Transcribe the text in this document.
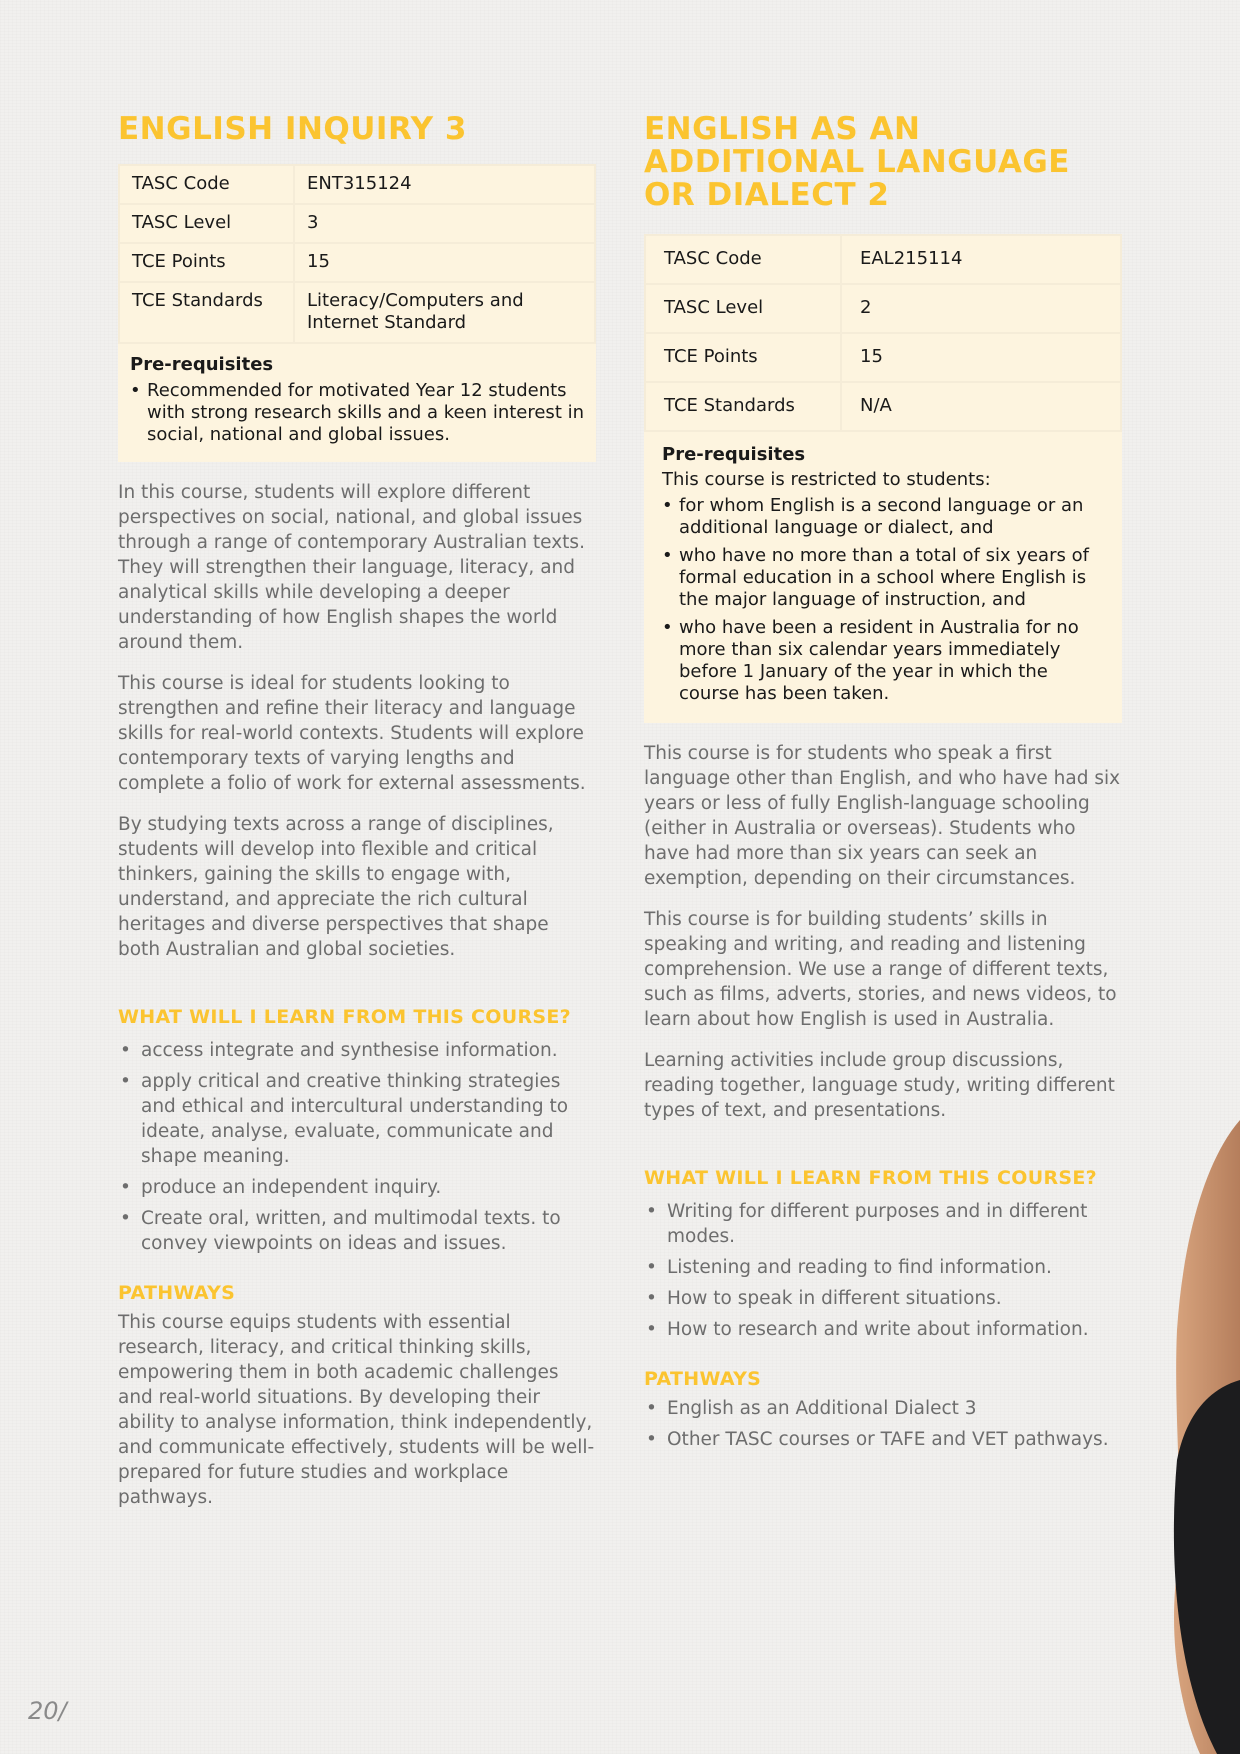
ENGLISH INQUIRY 3
TASC Code	ENT315124
TASC Level	3
TCE Points	15
TCE Standards	Literacy/Computers and Internet Standard
Pre-requisites
• Recommended for motivated Year 12 students with strong research skills and a keen interest in social, national and global issues.

In this course, students will explore different perspectives on social, national, and global issues through a range of contemporary Australian texts. They will strengthen their language, literacy, and analytical skills while developing a deeper understanding of how English shapes the world around them.

This course is ideal for students looking to strengthen and refine their literacy and language skills for real-world contexts. Students will explore contemporary texts of varying lengths and complete a folio of work for external assessments.

By studying texts across a range of disciplines, students will develop into flexible and critical thinkers, gaining the skills to engage with, understand, and appreciate the rich cultural heritages and diverse perspectives that shape both Australian and global societies.

WHAT WILL I LEARN FROM THIS COURSE?
• access integrate and synthesise information.
• apply critical and creative thinking strategies and ethical and intercultural understanding to ideate, analyse, evaluate, communicate and shape meaning.
• produce an independent inquiry.
• Create oral, written, and multimodal texts. to convey viewpoints on ideas and issues.
PATHWAYS

This course equips students with essential research, literacy, and critical thinking skills, empowering them in both academic challenges and real-world situations. By developing their ability to analyse information, think independently, and communicate effectively, students will be well-prepared for future studies and workplace pathways.

ENGLISH AS AN
ADDITIONAL LANGUAGE
OR DIALECT 2
TASC Code	EAL215114
TASC Level	2
TCE Points	15
TCE Standards	N/A
Pre-requisites
This course is restricted to students:
• for whom English is a second language or an additional language or dialect, and
• who have no more than a total of six years of formal education in a school where English is the major language of instruction, and
• who have been a resident in Australia for no more than six calendar years immediately before 1 January of the year in which the course has been taken.

This course is for students who speak a first language other than English, and who have had six years or less of fully English-language schooling (either in Australia or overseas). Students who have had more than six years can seek an exemption, depending on their circumstances.

This course is for building students’ skills in speaking and writing, and reading and listening comprehension. We use a range of different texts, such as films, adverts, stories, and news videos, to learn about how English is used in Australia.

Learning activities include group discussions, reading together, language study, writing different types of text, and presentations.

WHAT WILL I LEARN FROM THIS COURSE?
• Writing for different purposes and in different modes.
• Listening and reading to find information.
• How to speak in different situations.
• How to research and write about information.
PATHWAYS
• English as an Additional Dialect 3
• Other TASC courses or TAFE and VET pathways.
20/
